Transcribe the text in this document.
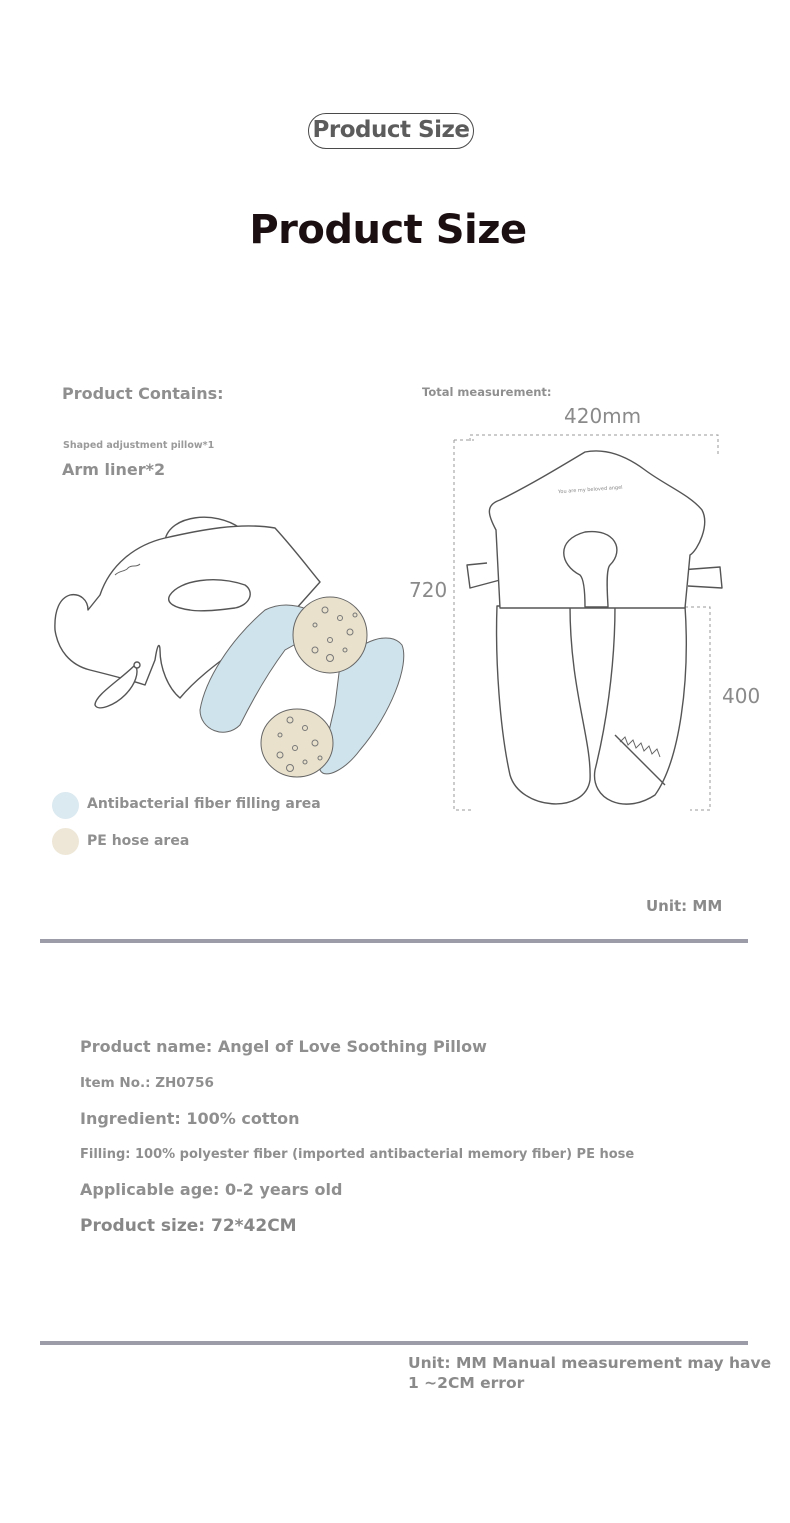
Product Size
Product Size
Product Contains:
Shaped adjustment pillow*1
Arm liner*2
Antibacterial fiber filling area
PE hose area
Total measurement:
420mm
720
400
You are my beloved angel
Unit: MM
Product name: Angel of Love Soothing Pillow
Item No.: ZH0756
Ingredient: 100% cotton
Filling: 100% polyester fiber (imported antibacterial memory fiber) PE hose
Applicable age: 0-2 years old
Product size: 72*42CM
Unit: MM Manual measurement may have 1 ~2CM error
